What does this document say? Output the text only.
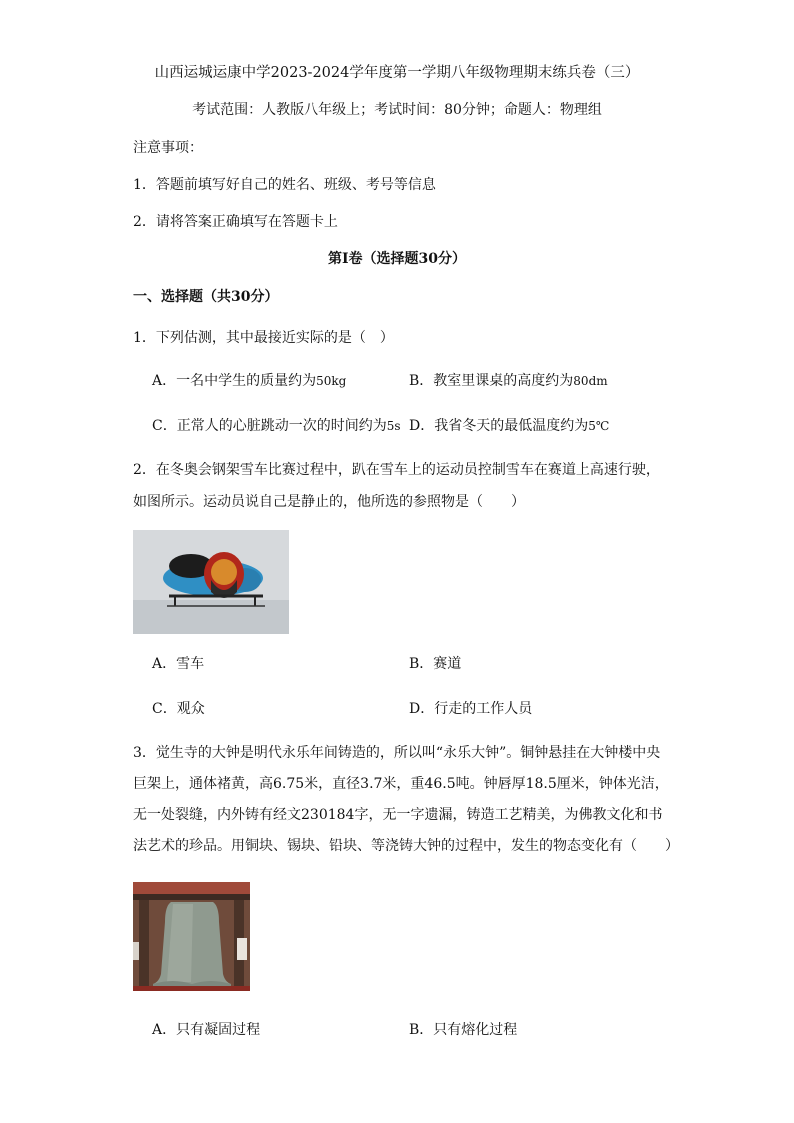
山西运城运康中学2023-2024学年度第一学期八年级物理期末练兵卷（三）
考试范围：人教版八年级上；考试时间：80分钟；命题人：物理组
注意事项：
1．答题前填写好自己的姓名、班级、考号等信息
2．请将答案正确填写在答题卡上
第Ⅰ卷（选择题30分）
一、选择题（共30分）
1．下列估测，其中最接近实际的是（　）
A．一名中学生的质量约为50kg	B．教室里课桌的高度约为80dm
C．正常人的心脏跳动一次的时间约为5s D．我省冬天的最低温度约为5℃
2．在冬奥会钢架雪车比赛过程中，趴在雪车上的运动员控制雪车在赛道上高速行驶，
如图所示。运动员说自己是静止的，他所选的参照物是（　　）
A．雪车	B．赛道
C．观众	D．行走的工作人员
3．觉生寺的大钟是明代永乐年间铸造的，所以叫“永乐大钟”。铜钟悬挂在大钟楼中央
巨架上，通体褚黄，高6.75米，直径3.7米，重46.5吨。钟唇厚18.5厘米，钟体光洁，
无一处裂缝，内外铸有经文230184字，无一字遗漏，铸造工艺精美，为佛教文化和书
法艺术的珍品。用铜块、锡块、铅块、等浇铸大钟的过程中，发生的物态变化有（　　）
A．只有凝固过程	B．只有熔化过程
